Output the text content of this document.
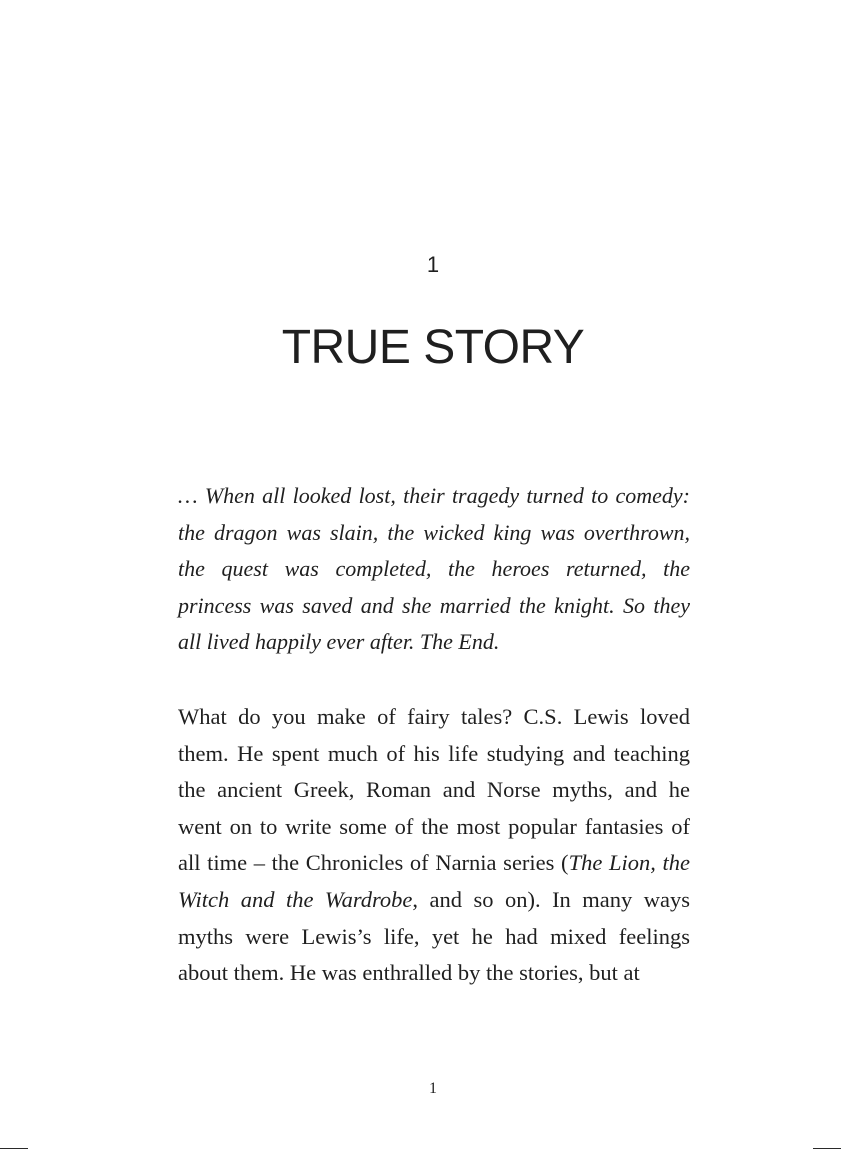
1
TRUE STORY

… When all looked lost, their tragedy turned to comedy: the dragon was slain, the wicked king was overthrown, the quest was completed, the heroes returned, the princess was saved and she married the knight. So they all lived happily ever after. The End.

What do you make of fairy tales? C.S. Lewis loved them. He spent much of his life studying and teaching the ancient Greek, Roman and Norse myths, and he went on to write some of the most popular fantasies of all time – the Chronicles of Narnia series (The Lion, the Witch and the Wardrobe, and so on). In many ways myths were Lewis’s life, yet he had mixed feelings about them. He was enthralled by the stories, but at

1
